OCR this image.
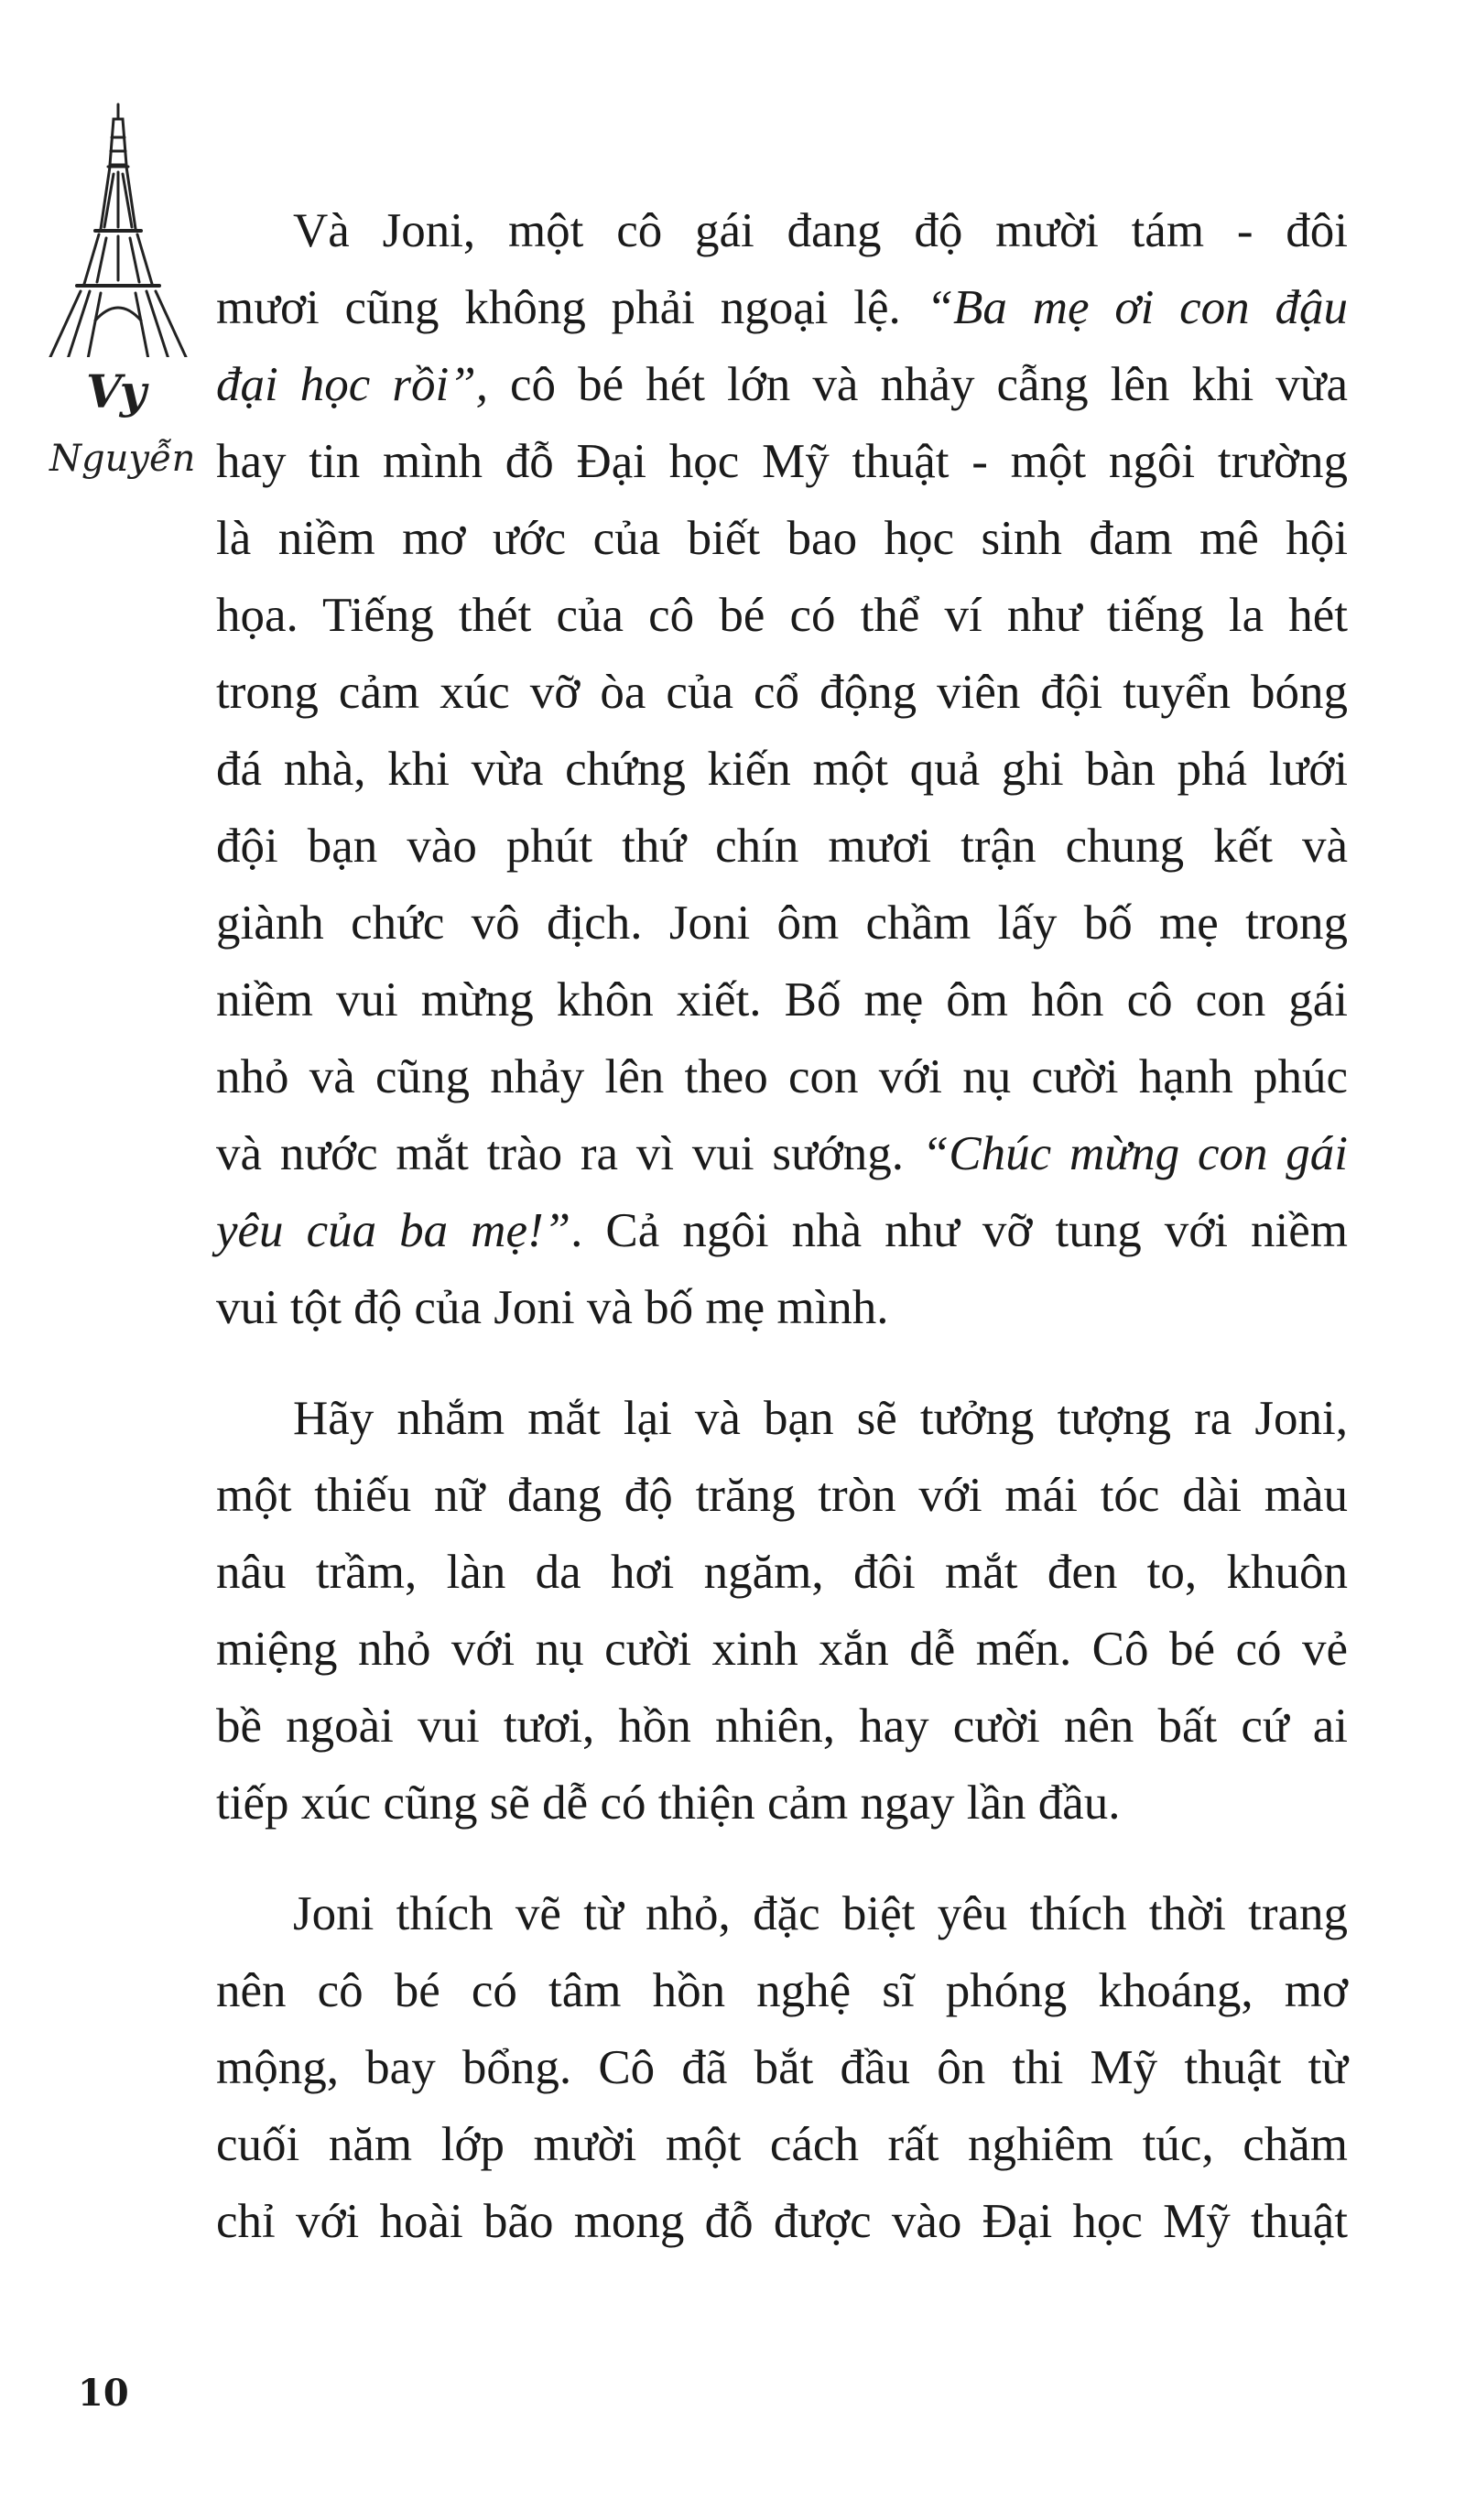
Vy
Nguyễn
Và Joni, một cô gái đang độ mười tám - đôi
mươi cũng không phải ngoại lệ. “Ba mẹ ơi con đậu
đại học rồi”, cô bé hét lớn và nhảy cẫng lên khi vừa
hay tin mình đỗ Đại học Mỹ thuật - một ngôi trường
là niềm mơ ước của biết bao học sinh đam mê hội
họa. Tiếng thét của cô bé có thể ví như tiếng la hét
trong cảm xúc vỡ òa của cổ động viên đội tuyển bóng
đá nhà, khi vừa chứng kiến một quả ghi bàn phá lưới
đội bạn vào phút thứ chín mươi trận chung kết và
giành chức vô địch. Joni ôm chầm lấy bố mẹ trong
niềm vui mừng khôn xiết. Bố mẹ ôm hôn cô con gái
nhỏ và cũng nhảy lên theo con với nụ cười hạnh phúc
và nước mắt trào ra vì vui sướng. “Chúc mừng con gái
yêu của ba mẹ!”. Cả ngôi nhà như vỡ tung với niềm
vui tột độ của Joni và bố mẹ mình.
Hãy nhắm mắt lại và bạn sẽ tưởng tượng ra Joni,
một thiếu nữ đang độ trăng tròn với mái tóc dài màu
nâu trầm, làn da hơi ngăm, đôi mắt đen to, khuôn
miệng nhỏ với nụ cười xinh xắn dễ mến. Cô bé có vẻ
bề ngoài vui tươi, hồn nhiên, hay cười nên bất cứ ai
tiếp xúc cũng sẽ dễ có thiện cảm ngay lần đầu.
Joni thích vẽ từ nhỏ, đặc biệt yêu thích thời trang
nên cô bé có tâm hồn nghệ sĩ phóng khoáng, mơ
mộng, bay bổng. Cô đã bắt đầu ôn thi Mỹ thuật từ
cuối năm lớp mười một cách rất nghiêm túc, chăm
chỉ với hoài bão mong đỗ được vào Đại học Mỹ thuật
10
